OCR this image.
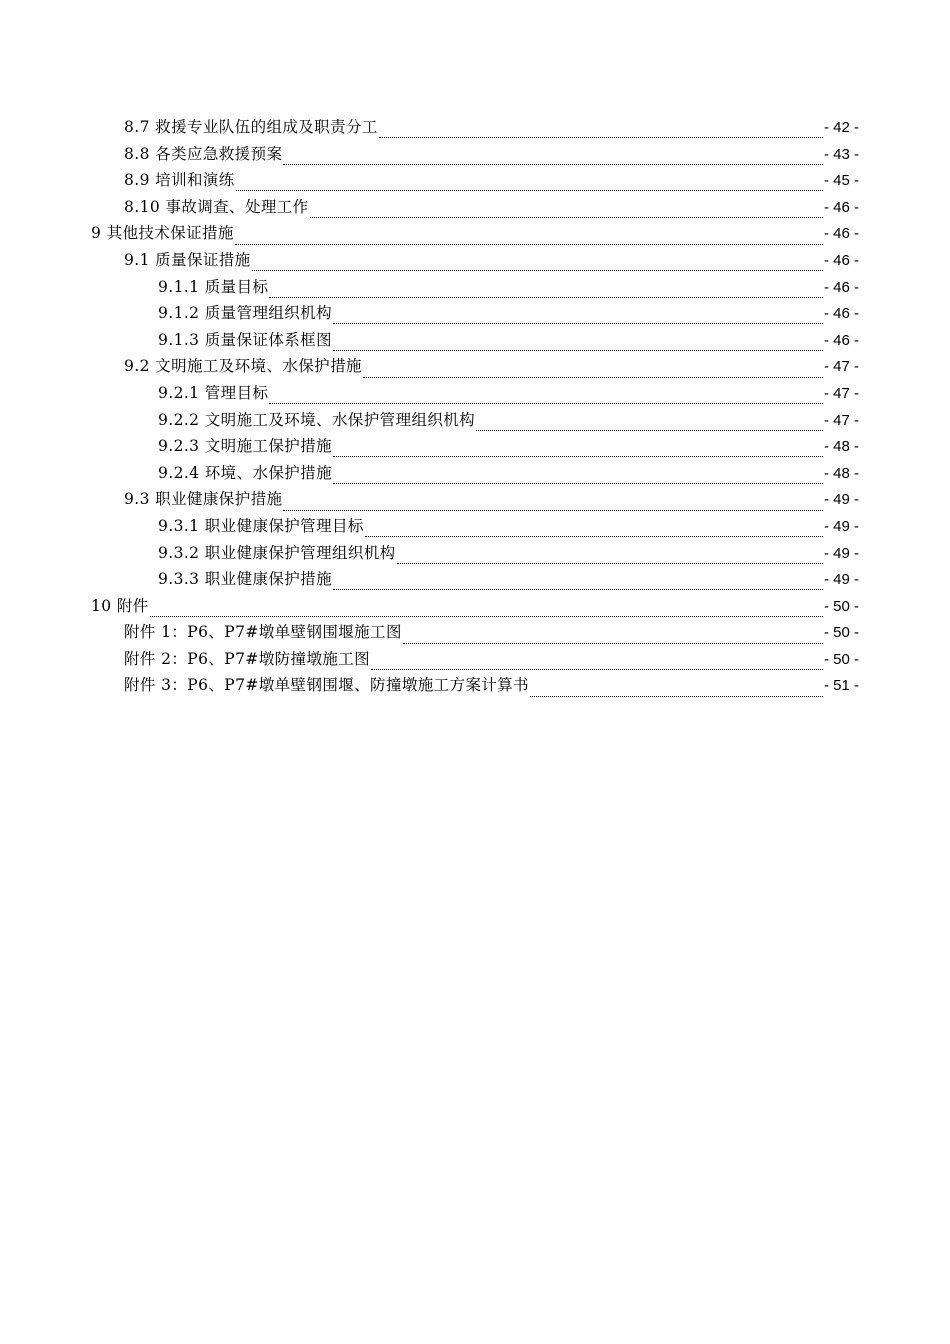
8.7 救援专业队伍的组成及职责分工	- 42 -
8.8 各类应急救援预案	- 43 -
8.9 培训和演练	- 45 -
8.10 事故调查、处理工作	- 46 -
9 其他技术保证措施	- 46 -
9.1 质量保证措施	- 46 -
9.1.1 质量目标	- 46 -
9.1.2 质量管理组织机构	- 46 -
9.1.3 质量保证体系框图	- 46 -
9.2 文明施工及环境、水保护措施	- 47 -
9.2.1 管理目标	- 47 -
9.2.2 文明施工及环境、水保护管理组织机构	- 47 -
9.2.3 文明施工保护措施	- 48 -
9.2.4 环境、水保护措施	- 48 -
9.3 职业健康保护措施	- 49 -
9.3.1 职业健康保护管理目标	- 49 -
9.3.2 职业健康保护管理组织机构	- 49 -
9.3.3 职业健康保护措施	- 49 -
10 附件	- 50 -
附件 1：P6、P7#墩单壁钢围堰施工图	- 50 -
附件 2：P6、P7#墩防撞墩施工图	- 50 -
附件 3：P6、P7#墩单壁钢围堰、防撞墩施工方案计算书	- 51 -
